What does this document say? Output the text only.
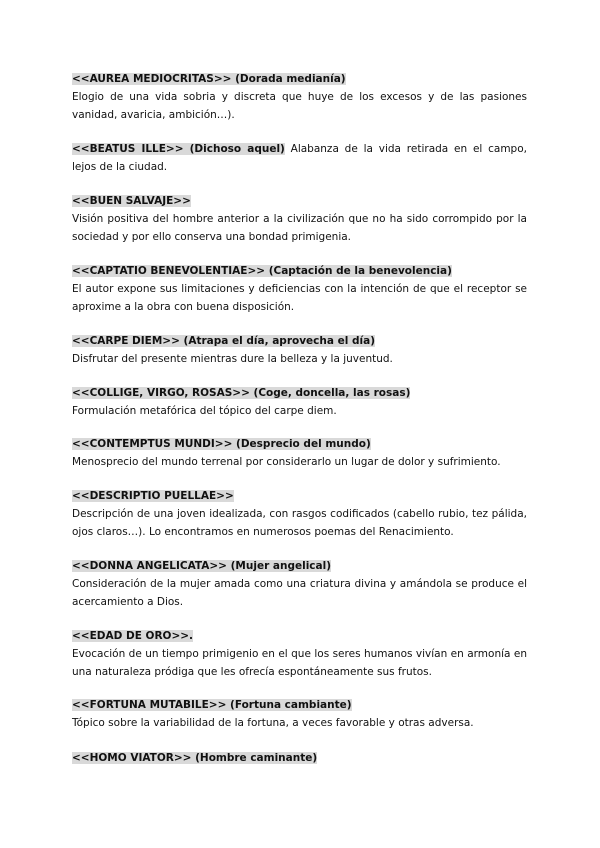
<<AUREA MEDIOCRITAS>> (Dorada medianía)

Elogio de una vida sobria y discreta que huye de los excesos y de las pasiones vanidad, avaricia, ambición…).

<<BEATUS ILLE>> (Dichoso aquel) Alabanza de la vida retirada en el campo, lejos de la ciudad.

<<BUEN SALVAJE>>

Visión positiva del hombre anterior a la civilización que no ha sido corrompido por la sociedad y por ello conserva una bondad primigenia.

<<CAPTATIO BENEVOLENTIAE>> (Captación de la benevolencia)

El autor expone sus limitaciones y deficiencias con la intención de que el receptor se aproxime a la obra con buena disposición.

<<CARPE DIEM>> (Atrapa el día, aprovecha el día)

Disfrutar del presente mientras dure la belleza y la juventud.

<<COLLIGE, VIRGO, ROSAS>> (Coge, doncella, las rosas)

Formulación metafórica del tópico del carpe diem.

<<CONTEMPTUS MUNDI>> (Desprecio del mundo)

Menosprecio del mundo terrenal por considerarlo un lugar de dolor y sufrimiento.

<<DESCRIPTIO PUELLAE>>

Descripción de una joven idealizada, con rasgos codificados (cabello rubio, tez pálida, ojos claros…). Lo encontramos en numerosos poemas del Renacimiento.

<<DONNA ANGELICATA>> (Mujer angelical)

Consideración de la mujer amada como una criatura divina y amándola se produce el acercamiento a Dios.

<<EDAD DE ORO>>.

Evocación de un tiempo primigenio en el que los seres humanos vivían en armonía en una naturaleza pródiga que les ofrecía espontáneamente sus frutos.

<<FORTUNA MUTABILE>> (Fortuna cambiante)

Tópico sobre la variabilidad de la fortuna, a veces favorable y otras adversa.

<<HOMO VIATOR>> (Hombre caminante)
